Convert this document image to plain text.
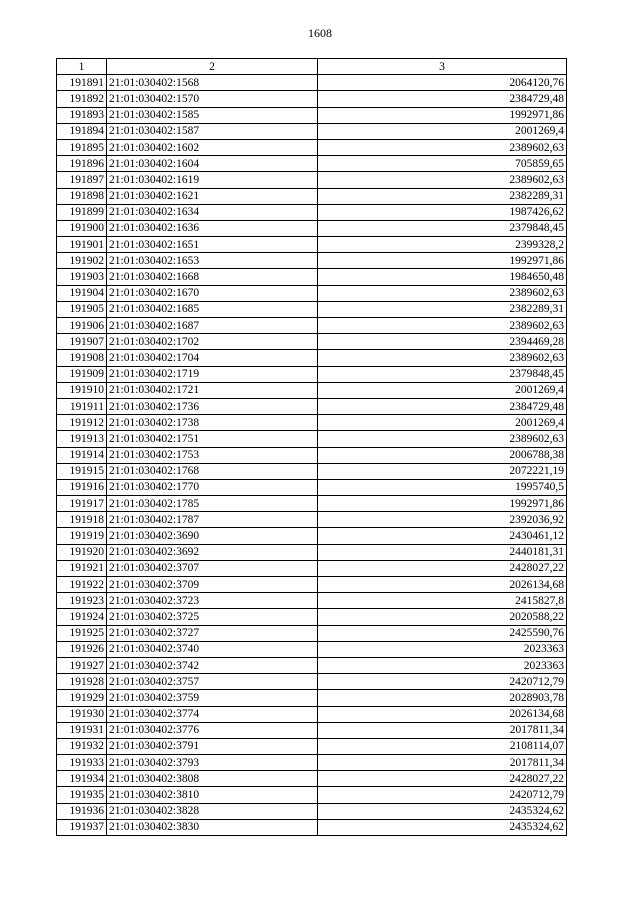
1608
1	2	3
191891	21:01:030402:1568	2064120,76
191892	21:01:030402:1570	2384729,48
191893	21:01:030402:1585	1992971,86
191894	21:01:030402:1587	2001269,4
191895	21:01:030402:1602	2389602,63
191896	21:01:030402:1604	705859,65
191897	21:01:030402:1619	2389602,63
191898	21:01:030402:1621	2382289,31
191899	21:01:030402:1634	1987426,62
191900	21:01:030402:1636	2379848,45
191901	21:01:030402:1651	2399328,2
191902	21:01:030402:1653	1992971,86
191903	21:01:030402:1668	1984650,48
191904	21:01:030402:1670	2389602,63
191905	21:01:030402:1685	2382289,31
191906	21:01:030402:1687	2389602,63
191907	21:01:030402:1702	2394469,28
191908	21:01:030402:1704	2389602,63
191909	21:01:030402:1719	2379848,45
191910	21:01:030402:1721	2001269,4
191911	21:01:030402:1736	2384729,48
191912	21:01:030402:1738	2001269,4
191913	21:01:030402:1751	2389602,63
191914	21:01:030402:1753	2006788,38
191915	21:01:030402:1768	2072221,19
191916	21:01:030402:1770	1995740,5
191917	21:01:030402:1785	1992971,86
191918	21:01:030402:1787	2392036,92
191919	21:01:030402:3690	2430461,12
191920	21:01:030402:3692	2440181,31
191921	21:01:030402:3707	2428027,22
191922	21:01:030402:3709	2026134,68
191923	21:01:030402:3723	2415827,8
191924	21:01:030402:3725	2020588,22
191925	21:01:030402:3727	2425590,76
191926	21:01:030402:3740	2023363
191927	21:01:030402:3742	2023363
191928	21:01:030402:3757	2420712,79
191929	21:01:030402:3759	2028903,78
191930	21:01:030402:3774	2026134,68
191931	21:01:030402:3776	2017811,34
191932	21:01:030402:3791	2108114,07
191933	21:01:030402:3793	2017811,34
191934	21:01:030402:3808	2428027,22
191935	21:01:030402:3810	2420712,79
191936	21:01:030402:3828	2435324,62
191937	21:01:030402:3830	2435324,62
